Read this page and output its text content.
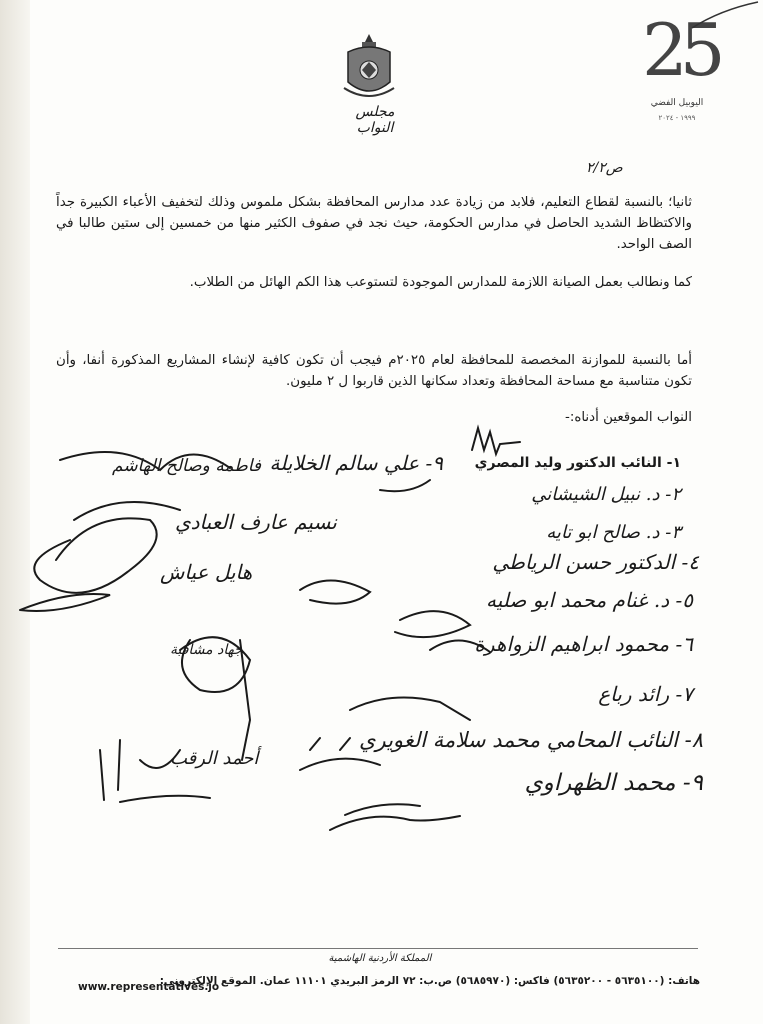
مجلس النواب
25
اليوبيل الفضي
١٩٩٩ - ٢٠٢٤
ص٢/٢
ثانيا؛ بالنسبة لقطاع التعليم، فلابد من زيادة عدد مدارس المحافظة بشكل ملموس وذلك لتخفيف الأعباء الكبيرة جداً والاكتظاظ الشديد الحاصل في مدارس الحكومة، حيث نجد في صفوف الكثير منها من خمسين إلى ستين طالبا في الصف الواحد.
كما ونطالب بعمل الصيانة اللازمة للمدارس الموجودة لتستوعب هذا الكم الهائل من الطلاب.
أما بالنسبة للموازنة المخصصة للمحافظة لعام ٢٠٢٥م فيجب أن تكون كافية لإنشاء المشاريع المذكورة أنفا، وأن تكون متناسبة مع مساحة المحافظة وتعداد سكانها الذين قاربوا ل ٢ مليون.
النواب الموقعين أدناه:-
١- النائب الدكتور وليد المصري
٢- د. نبيل الشيشاني
٣- د. صالح ابو تايه
٤- الدكتور حسن الرياطي
٥- د. غنام محمد ابو صليه
٦- محمود ابراهيم الزواهرة
٧- رائد رباع
٨- النائب المحامي محمد سلامة الغويري
٩- محمد الظهراوي
٩- علي سالم الخلايلة
فاطمة وصالح الهاشم
نسيم عارف العبادي
هايل عياش
جهاد مشاقبة
أحمد الرقب
المملكة الأردنية الهاشمية
هاتف: (٥٦٣٥١٠٠ - ٥٦٣٥٢٠٠) فاكس: (٥٦٨٥٩٧٠) ص.ب: ٧٢ الرمز البريدي ١١١٠١ عمان. الموقع الإلكتروني:
www.representatives.jo
